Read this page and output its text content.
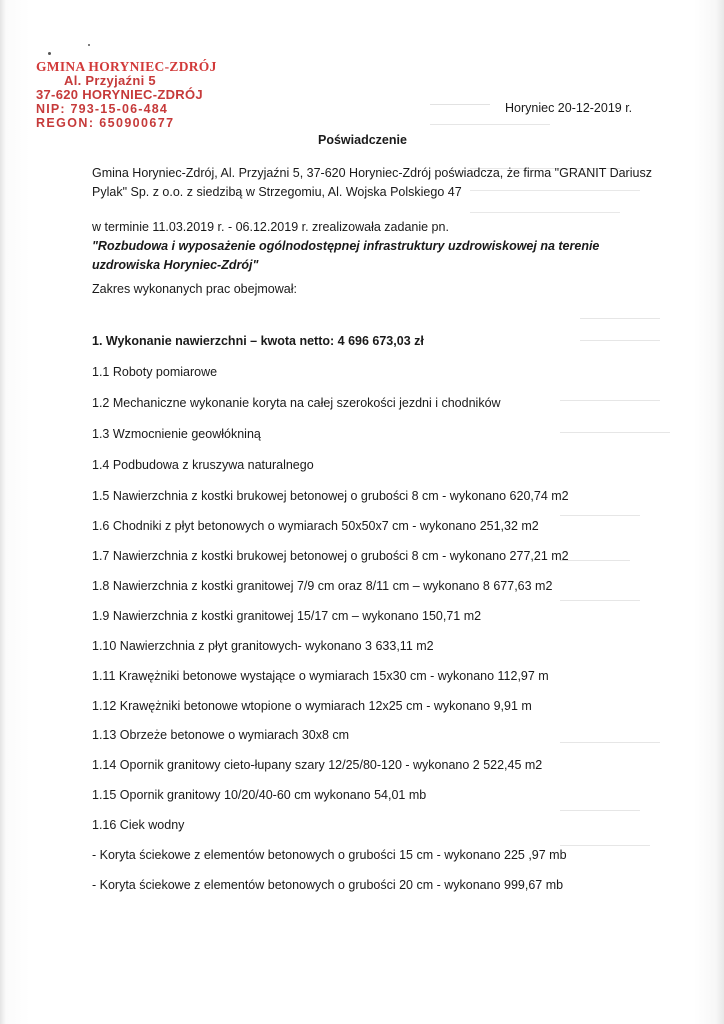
GMINA HORYNIEC-ZDRÓJ
Al. Przyjaźni 5
37-620 HORYNIEC-ZDRÓJ
NIP: 793-15-06-484
REGON: 650900677
Horyniec 20-12-2019 r.
Poświadczenie
Gmina Horyniec-Zdrój, Al. Przyjaźni 5, 37-620 Horyniec-Zdrój poświadcza, że firma "GRANIT Dariusz Pylak" Sp. z o.o. z siedzibą w Strzegomiu, Al. Wojska Polskiego 47
w terminie 11.03.2019 r. - 06.12.2019 r. zrealizowała zadanie pn.
"Rozbudowa i wyposażenie ogólnodostępnej infrastruktury uzdrowiskowej na terenie uzdrowiska Horyniec-Zdrój"
Zakres wykonanych prac obejmował:
1. Wykonanie nawierzchni – kwota netto: 4 696 673,03 zł
1.1 Roboty pomiarowe
1.2 Mechaniczne wykonanie koryta na całej szerokości jezdni i chodników
1.3 Wzmocnienie geowłókniną
1.4 Podbudowa z kruszywa naturalnego
1.5 Nawierzchnia z kostki brukowej betonowej o grubości 8 cm - wykonano 620,74 m2
1.6 Chodniki z płyt betonowych o wymiarach 50x50x7 cm - wykonano 251,32 m2
1.7 Nawierzchnia z kostki brukowej betonowej o grubości 8 cm - wykonano 277,21 m2
1.8 Nawierzchnia z kostki granitowej 7/9 cm oraz 8/11 cm – wykonano 8 677,63 m2
1.9 Nawierzchnia z kostki granitowej 15/17 cm – wykonano 150,71 m2
1.10 Nawierzchnia z płyt granitowych- wykonano 3 633,11 m2
1.11 Krawężniki betonowe wystające o wymiarach 15x30 cm - wykonano 112,97 m
1.12 Krawężniki betonowe wtopione o wymiarach 12x25 cm - wykonano 9,91 m
1.13 Obrzeże betonowe o wymiarach 30x8 cm
1.14 Opornik granitowy cieto-łupany szary 12/25/80-120 - wykonano 2 522,45 m2
1.15 Opornik granitowy 10/20/40-60 cm wykonano 54,01 mb
1.16 Ciek wodny
- Koryta ściekowe z elementów betonowych o grubości 15 cm - wykonano 225 ,97 mb
- Koryta ściekowe z elementów betonowych o grubości 20 cm - wykonano 999,67 mb
